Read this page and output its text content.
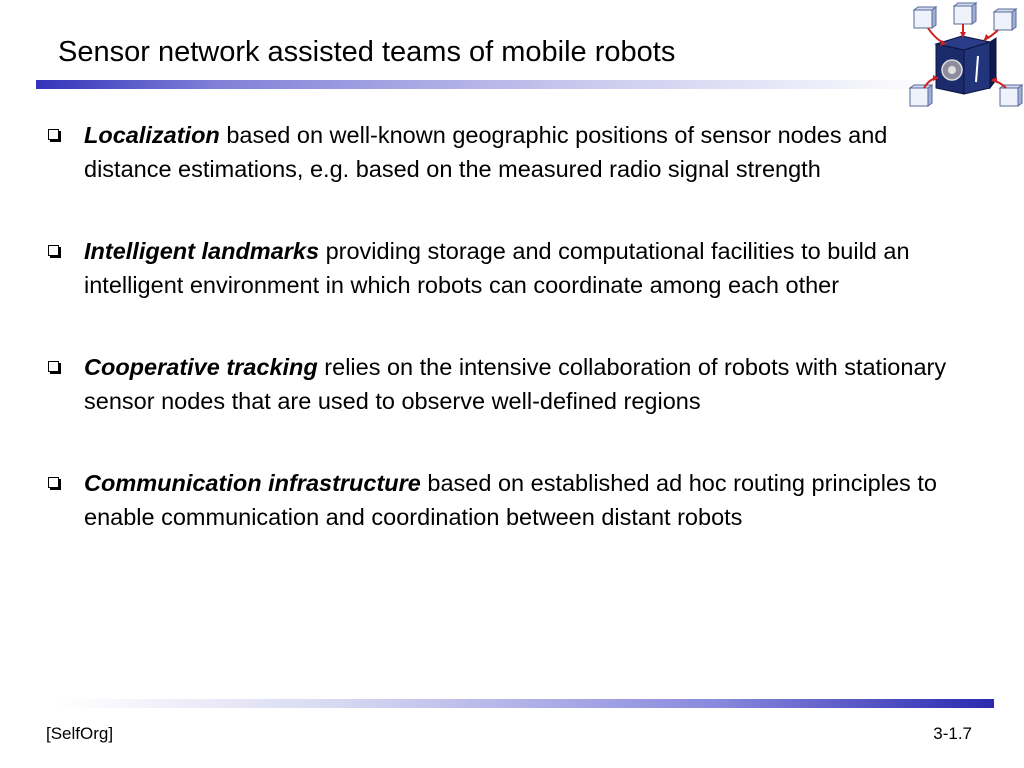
Sensor network assisted teams of mobile robots
Localization based on well-known geographic positions of sensor nodes and distance estimations, e.g. based on the measured radio signal strength
Intelligent landmarks providing storage and computational facilities to build an intelligent environment in which robots can coordinate among each other
Cooperative tracking relies on the intensive collaboration of robots with stationary sensor nodes that are used to observe well-defined regions
Communication infrastructure based on established ad hoc routing principles to enable communication and coordination between distant robots
[SelfOrg]	3-1.7
